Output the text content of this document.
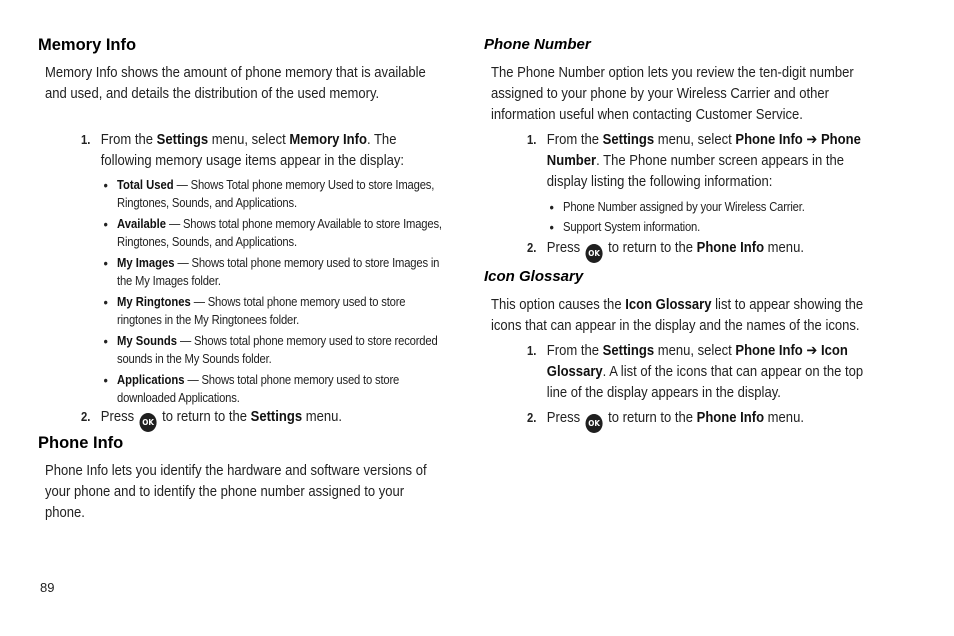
Memory Info
Memory Info shows the amount of phone memory that is available and used, and details the distribution of the used memory.
1. From the Settings menu, select Memory Info. The following memory usage items appear in the display:
• Total Used — Shows Total phone memory Used to store Images, Ringtones, Sounds, and Applications.
• Available — Shows total phone memory Available to store Images, Ringtones, Sounds, and Applications.
• My Images — Shows total phone memory used to store Images in the My Images folder.
• My Ringtones — Shows total phone memory used to store ringtones in the My Ringtonees folder.
• My Sounds — Shows total phone memory used to store recorded sounds in the My Sounds folder.
• Applications — Shows total phone memory used to store downloaded Applications.
2. Press OK to return to the Settings menu.
Phone Info
Phone Info lets you identify the hardware and software versions of your phone and to identify the phone number assigned to your phone.
Phone Number
The Phone Number option lets you review the ten-digit number assigned to your phone by your Wireless Carrier and other information useful when contacting Customer Service.
1. From the Settings menu, select Phone Info ➔ Phone Number. The Phone number screen appears in the display listing the following information:
• Phone Number assigned by your Wireless Carrier.
• Support System information.
2. Press OK to return to the Phone Info menu.
Icon Glossary
This option causes the Icon Glossary list to appear showing the icons that can appear in the display and the names of the icons.
1. From the Settings menu, select Phone Info ➔ Icon Glossary. A list of the icons that can appear on the top line of the display appears in the display.
2. Press OK to return to the Phone Info menu.
89
